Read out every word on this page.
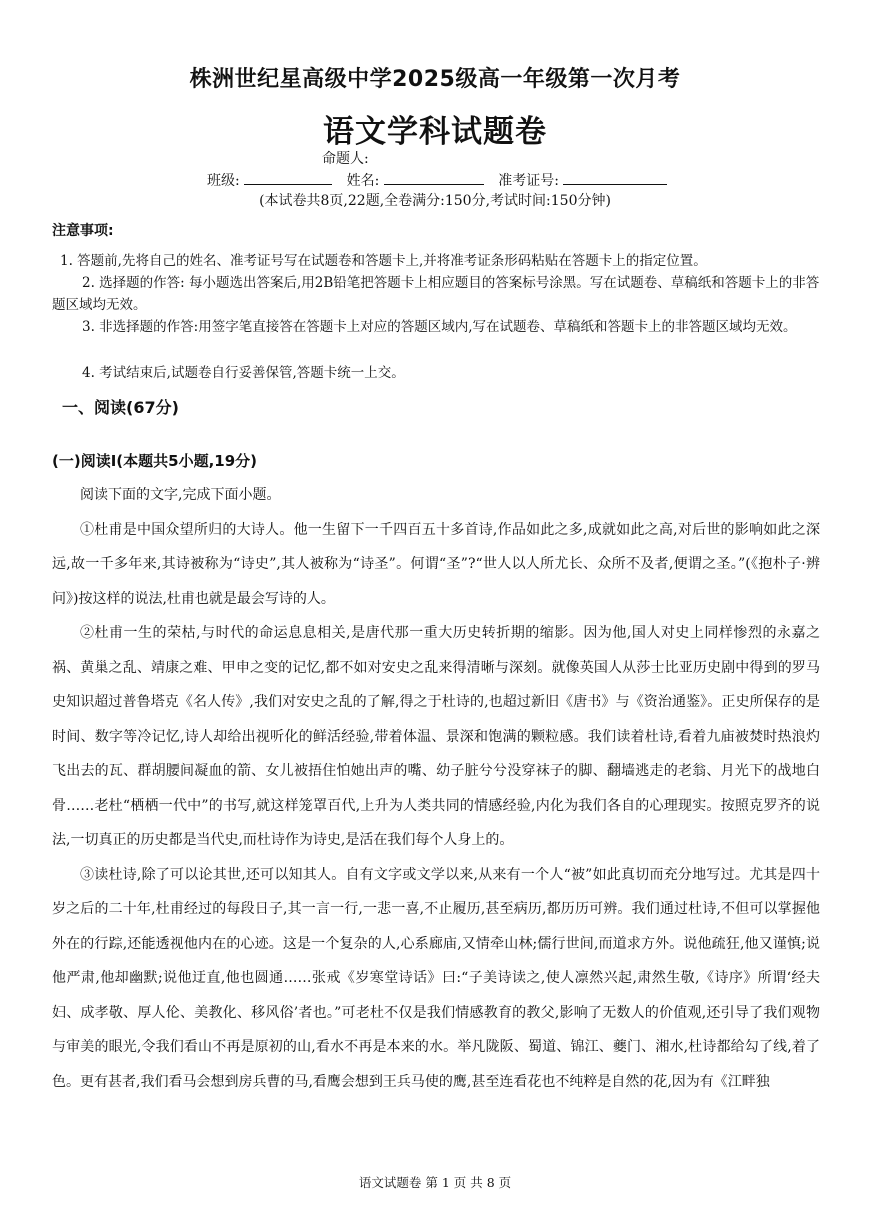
株洲世纪星高级中学2025级高一年级第一次月考
语文学科试题卷
命题人:
班级:	姓名:	准考证号:
(本试卷共8页,22题,全卷满分:150分,考试时间:150分钟)
注意事项:
1. 答题前,先将自己的姓名、准考证号写在试题卷和答题卡上,并将准考证条形码粘贴在答题卡上的指定位置。
2. 选择题的作答: 每小题选出答案后,用2B铅笔把答题卡上相应题目的答案标号涂黑。写在试题卷、草稿纸和答题卡上的非答题区域均无效。
3. 非选择题的作答:用签字笔直接答在答题卡上对应的答题区域内,写在试题卷、草稿纸和答题卡上的非答题区域均无效。
4. 考试结束后,试题卷自行妥善保管,答题卡统一上交。
一、阅读(67分)
(一)阅读I(本题共5小题,19分)

阅读下面的文字,完成下面小题。

①杜甫是中国众望所归的大诗人。他一生留下一千四百五十多首诗,作品如此之多,成就如此之高,对后世的影响如此之深远,故一千多年来,其诗被称为“诗史”,其人被称为“诗圣”。何谓“圣”?“世人以人所尤长、众所不及者,便谓之圣。”(《抱朴子·辨问》)按这样的说法,杜甫也就是最会写诗的人。

②杜甫一生的荣枯,与时代的命运息息相关,是唐代那一重大历史转折期的缩影。因为他,国人对史上同样惨烈的永嘉之祸、黄巢之乱、靖康之难、甲申之变的记忆,都不如对安史之乱来得清晰与深刻。就像英国人从莎士比亚历史剧中得到的罗马史知识超过普鲁塔克《名人传》,我们对安史之乱的了解,得之于杜诗的,也超过新旧《唐书》与《资治通鉴》。正史所保存的是时间、数字等冷记忆,诗人却给出视听化的鲜活经验,带着体温、景深和饱满的颗粒感。我们读着杜诗,看着九庙被焚时热浪灼飞出去的瓦、群胡腰间凝血的箭、女儿被捂住怕她出声的嘴、幼子脏兮兮没穿袜子的脚、翻墙逃走的老翁、月光下的战地白骨……老杜“栖栖一代中”的书写,就这样笼罩百代,上升为人类共同的情感经验,内化为我们各自的心理现实。按照克罗齐的说法,一切真正的历史都是当代史,而杜诗作为诗史,是活在我们每个人身上的。

③读杜诗,除了可以论其世,还可以知其人。自有文字或文学以来,从来有一个人“被”如此真切而充分地写过。尤其是四十岁之后的二十年,杜甫经过的每段日子,其一言一行,一悲一喜,不止履历,甚至病历,都历历可辨。我们通过杜诗,不但可以掌握他外在的行踪,还能透视他内在的心迹。这是一个复杂的人,心系廊庙,又情牵山林;儒行世间,而道求方外。说他疏狂,他又谨慎;说他严肃,他却幽默;说他迂直,他也圆通……张戒《岁寒堂诗话》曰:“子美诗读之,使人凛然兴起,肃然生敬,《诗序》所谓‘经夫妇、成孝敬、厚人伦、美教化、移风俗’者也。”可老杜不仅是我们情感教育的教父,影响了无数人的价值观,还引导了我们观物与审美的眼光,令我们看山不再是原初的山,看水不再是本来的水。举凡陇阪、蜀道、锦江、夔门、湘水,杜诗都给勾了线,着了色。更有甚者,我们看马会想到房兵曹的马,看鹰会想到王兵马使的鹰,甚至连看花也不纯粹是自然的花,因为有《江畔独

语文试题卷 第 1 页 共 8 页
